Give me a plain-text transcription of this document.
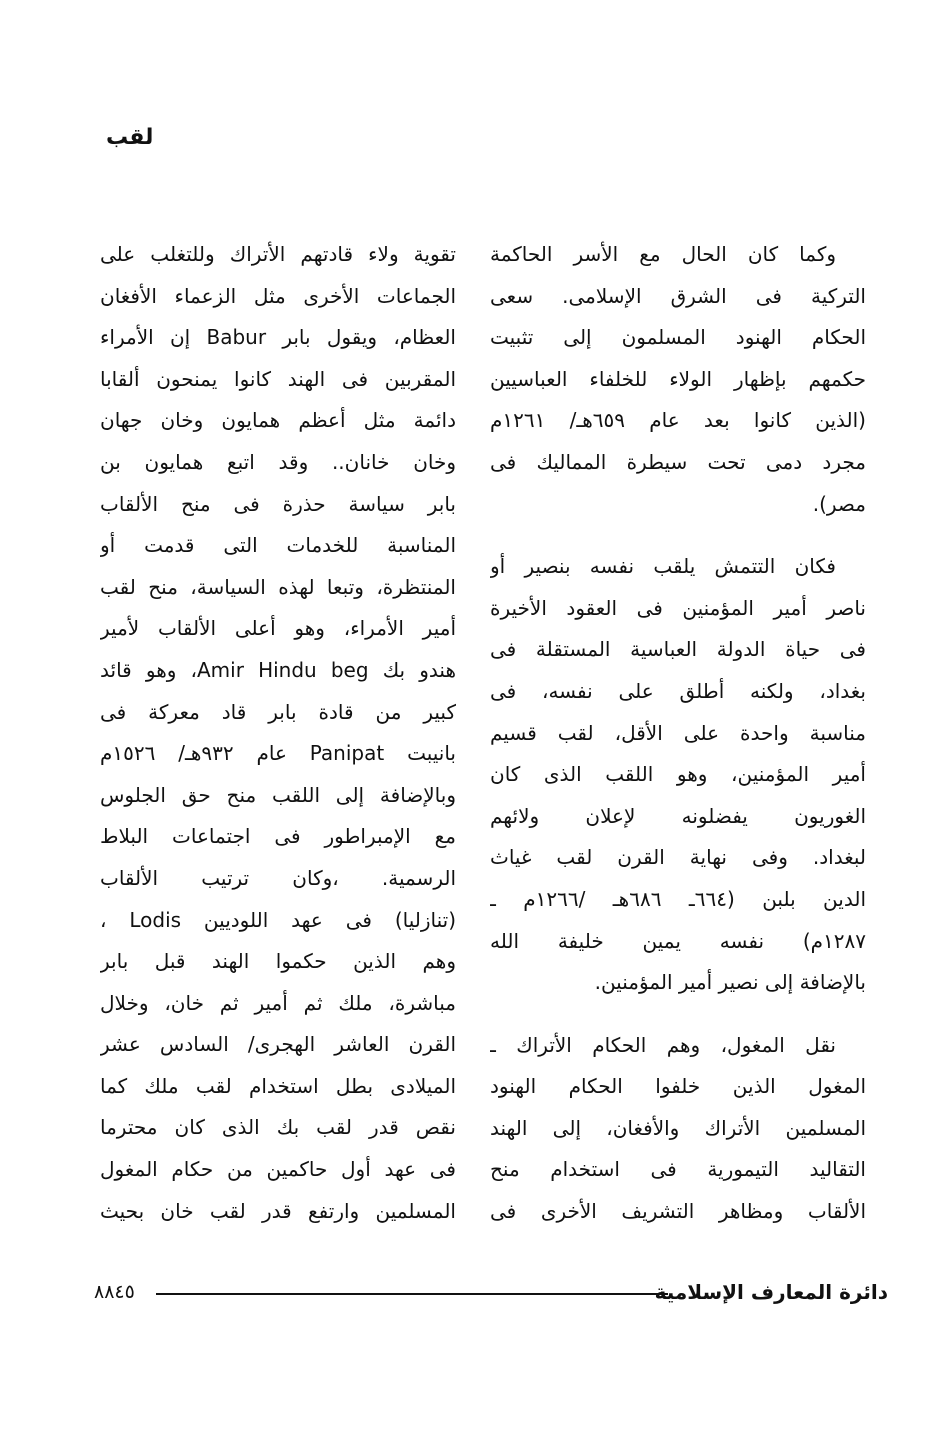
لقب
وكما كان الحال مع الأسر الحاكمة
التركية فى الشرق الإسلامى. سعى
الحكام الهنود المسلمون إلى تثبيت
حكمهم بإظهار الولاء للخلفاء العباسيين
(الذين كانوا بعد عام ٦٥٩هـ/ ١٢٦١م
مجرد دمى تحت سيطرة المماليك فى
مصر).
فكان التتمش يلقب نفسه بنصير أو
ناصر أمير المؤمنين فى العقود الأخيرة
فى حياة الدولة العباسية المستقلة فى
بغداد، ولكنه أطلق على نفسه، فى
مناسبة واحدة على الأقل، لقب قسيم
أمير المؤمنين، وهو اللقب الذى كان
الغوريون يفضلونه لإعلان ولائهم
لبغداد. وفى نهاية القرن لقب غياث
الدين بلبن (٦٦٤ـ ٦٨٦هـ /١٢٦٦م ـ
١٢٨٧م) نفسه يمين خليفة الله
بالإضافة إلى نصير أمير المؤمنين.
نقل المغول، وهم الحكام الأتراك ـ
المغول الذين خلفوا الحكام الهنود
المسلمين الأتراك والأفغان، إلى الهند
التقاليد التيمورية فى استخدام منح
الألقاب ومظاهر التشريف الأخرى فى
تقوية ولاء قادتهم الأتراك وللتغلب على
الجماعات الأخرى مثل الزعماء الأفغان
العظام، ويقول بابر Babur إن الأمراء
المقربين فى الهند كانوا يمنحون ألقابا
دائمة مثل أعظم همايون وخان جهان
وخان خانان.. وقد اتبع همايون بن
بابر سياسة حذرة فى منح الألقاب
المناسبة للخدمات التى قدمت أو
المنتظرة، وتبعا لهذه السياسة، منح لقب
أمير الأمراء، وهو أعلى الألقاب لأمير
هندو بك Amir Hindu beg، وهو قائد
كبير من قادة بابر قاد معركة فى
بانيبت Panipat عام ٩٣٢هـ/ ١٥٢٦م
وبالإضافة إلى اللقب منح حق الجلوس
مع الإمبراطور فى اجتماعات البلاط
الرسمية. ،وكان ترتيب الألقاب
(تنازليا) فى عهد اللوديين Lodis ،
وهم الذين حكموا الهند قبل بابر
مباشرة، ملك ثم أمير ثم خان، وخلال
القرن العاشر الهجرى/ السادس عشر
الميلادى بطل استخدام لقب ملك كما
نقص قدر لقب بك الذى كان محترما
فى عهد أول حاكمين من حكام المغول
المسلمين وارتفع قدر لقب خان بحيث
دائرة المعارف الإسلامية
٨٨٤٥
